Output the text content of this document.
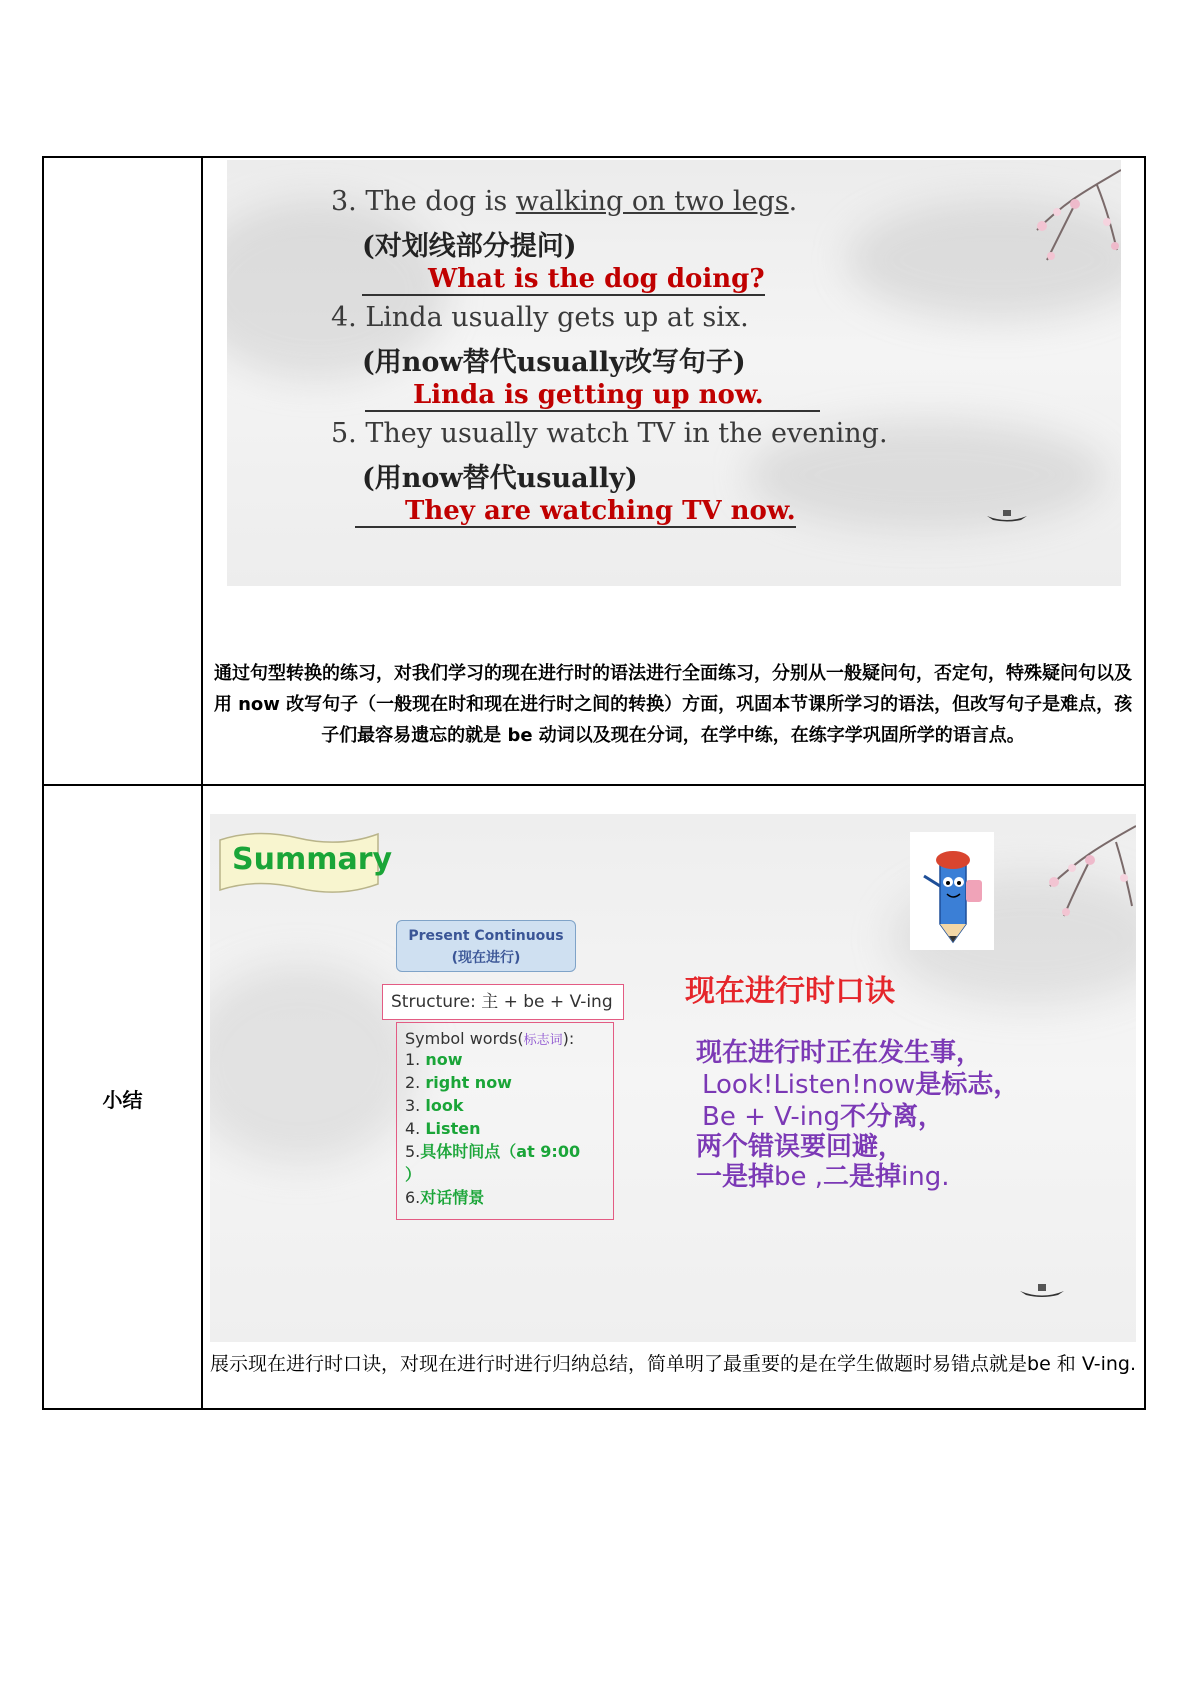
3. The dog is walking on two legs.
(对划线部分提问)
What is the dog doing?
4. Linda usually gets up at six.
(用now替代usually改写句子)
Linda is getting up now.
5. They usually watch TV in the evening.
(用now替代usually)
They are watching TV now.
通过句型转换的练习，对我们学习的现在进行时的语法进行全面练习，分别从一般疑问句，否定句，特殊疑问句以及用 now 改写句子（一般现在时和现在进行时之间的转换）方面，巩固本节课所学习的语法，但改写句子是难点，孩子们最容易遗忘的就是 be 动词以及现在分词，在学中练，在练字学巩固所学的语言点。
小结
Summary
Present Continuous
(现在进行)
Structure: 主 + be + V-ing
Symbol words(标志词):
1. now
2. right now
3. look
4. Listen
5.具体时间点（at 9:00
）
6.对话情景
现在进行时口诀
现在进行时正在发生事，
Look!Listen!now是标志，
Be + V-ing不分离，
两个错误要回避，
一是掉be ,二是掉ing.
展示现在进行时口诀，对现在进行时进行归纳总结，简单明了最重要的是在学生做题时易错点就是be 和 V-ing.
